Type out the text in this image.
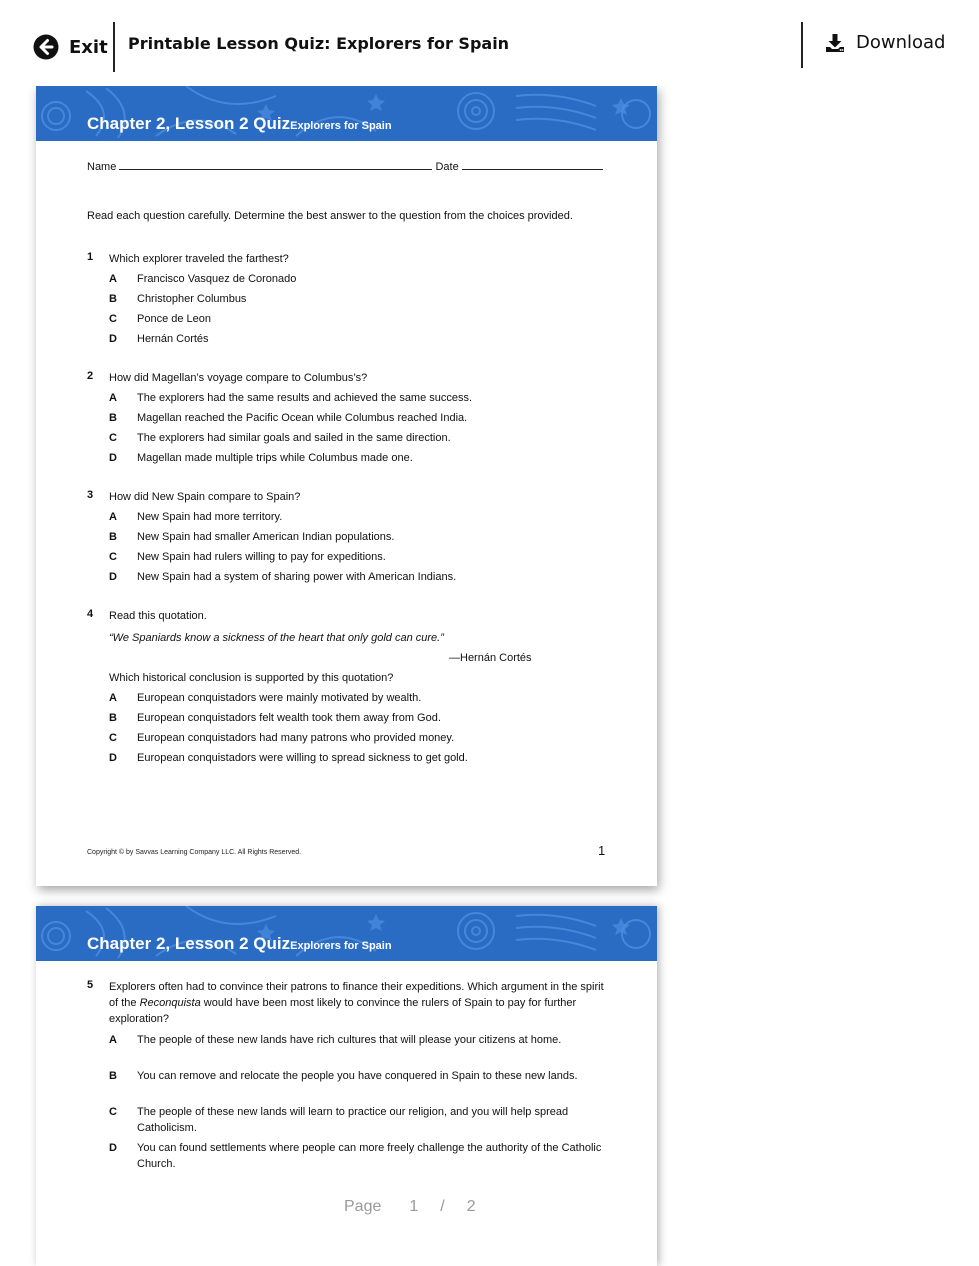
Exit Printable Lesson Quiz: Explorers for Spain	Download
Chapter 2, Lesson 2 QuizExplorers for Spain
Name	Date
Read each question carefully. Determine the best answer to the question from the choices provided.
1 Which explorer traveled the farthest?
A Francisco Vasquez de Coronado
B Christopher Columbus
C Ponce de Leon
D Hernán Cortés
2 How did Magellan’s voyage compare to Columbus’s?
A The explorers had the same results and achieved the same success.
B Magellan reached the Pacific Ocean while Columbus reached India.
C The explorers had similar goals and sailed in the same direction.
D Magellan made multiple trips while Columbus made one.
3 How did New Spain compare to Spain?
A New Spain had more territory.
B New Spain had smaller American Indian populations.
C New Spain had rulers willing to pay for expeditions.
D New Spain had a system of sharing power with American Indians.
4 Read this quotation.
“We Spaniards know a sickness of the heart that only gold can cure.”
—Hernán Cortés
Which historical conclusion is supported by this quotation?
A European conquistadors were mainly motivated by wealth.
B European conquistadors felt wealth took them away from God.
C European conquistadors had many patrons who provided money.
D European conquistadors were willing to spread sickness to get gold.
Copyright © by Savvas Learning Company LLC. All Rights Reserved.	1
Chapter 2, Lesson 2 QuizExplorers for Spain
5 Explorers often had to convince their patrons to finance their expeditions. Which argument in the spirit of the Reconquista would have been most likely to convince the rulers of Spain to pay for further exploration?
A The people of these new lands have rich cultures that will please your citizens at home.
B You can remove and relocate the people you have conquered in Spain to these new lands.
C The people of these new lands will learn to practice our religion, and you will help spread Catholicism.
D You can found settlements where people can more freely challenge the authority of the Catholic Church.
Page 1 / 2
